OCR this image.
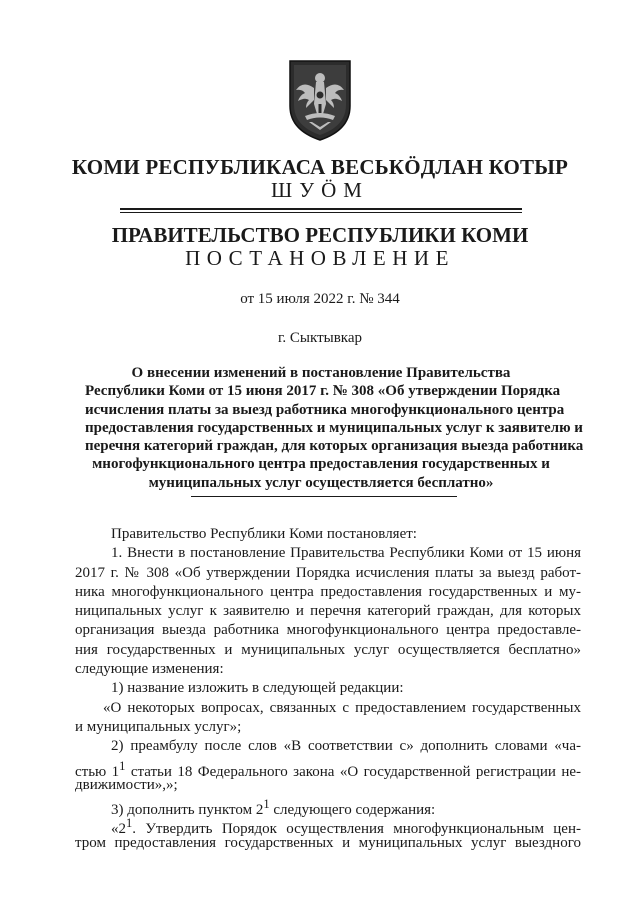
КОМИ РЕСПУБЛИКАСА ВЕСЬКӦДЛАН КОТЫР
ШУӦМ
ПРАВИТЕЛЬСТВО РЕСПУБЛИКИ КОМИ
ПОСТАНОВЛЕНИЕ
от 15 июля 2022 г. № 344
г. Сыктывкар
О внесении изменений в постановление Правительства
Республики Коми от 15 июня 2017 г. № 308 «Об утверждении Порядка
исчисления платы за выезд работника многофункционального центра
предоставления государственных и муниципальных услуг к заявителю и
перечня категорий граждан, для которых организация выезда работника
многофункционального центра предоставления государственных и
муниципальных услуг осуществляется бесплатно»
Правительство Республики Коми постановляет:
1. Внести в постановление Правительства Республики Коми от 15 июня
2017 г. № 308 «Об утверждении Порядка исчисления платы за выезд работ-
ника многофункционального центра предоставления государственных и му-
ниципальных услуг к заявителю и перечня категорий граждан, для которых
организация выезда работника многофункционального центра предоставле-
ния государственных и муниципальных услуг осуществляется бесплатно»
следующие изменения:
1) название изложить в следующей редакции:
«О некоторых вопросах, связанных с предоставлением государственных
и муниципальных услуг»;
2) преамбулу после слов «В соответствии с» дополнить словами «ча-
стью $1^1$ статьи 18 Федерального закона «О государственной регистрации не-
движимости»,»;
3) дополнить пунктом $2^1$ следующего содержания:
«$2^1$. Утвердить Порядок осуществления многофункциональным цен-
тром предоставления государственных и муниципальных услуг выездного
